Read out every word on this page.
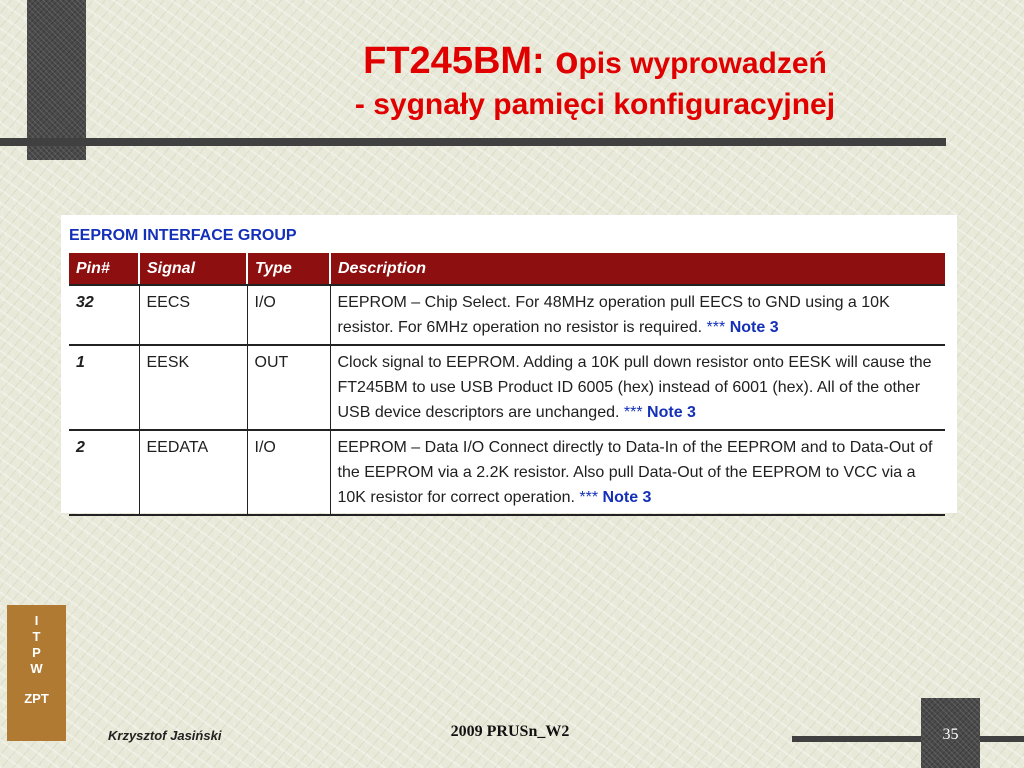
FT245BM: opis wyprowadzeń
- sygnały pamięci konfiguracyjnej
EEPROM INTERFACE GROUP
Pin#	Signal	Type	Description
32	EECS	I/O	EEPROM – Chip Select. For 48MHz operation pull EECS to GND using a 10K resistor. For 6MHz operation no resistor is required. *** Note 3
1	EESK	OUT	Clock signal to EEPROM. Adding a 10K pull down resistor onto EESK will cause the FT245BM to use USB Product ID 6005 (hex) instead of 6001 (hex). All of the other USB device descriptors are unchanged. *** Note 3
2	EEDATA	I/O	EEPROM – Data I/O Connect directly to Data-In of the EEPROM and to Data-Out of the EEPROM via a 2.2K resistor. Also pull Data-Out of the EEPROM to VCC via a 10K resistor for correct operation. *** Note 3
I
T
P
W
ZPT
Krzysztof Jasiński	2009 PRUSn_W2	35
